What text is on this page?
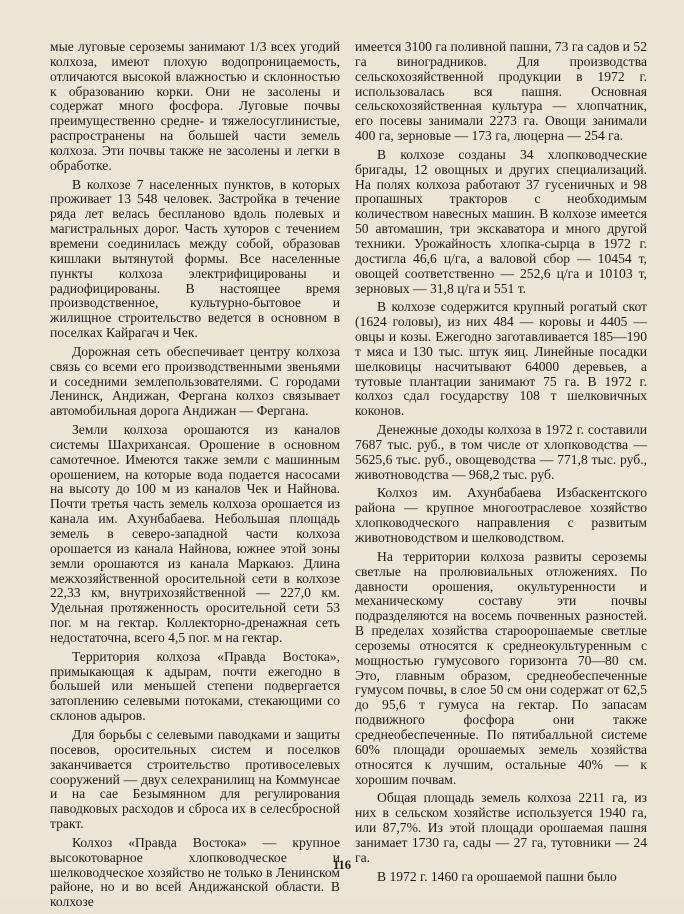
мые луговые сероземы занимают 1/3 всех угодий колхоза, имеют плохую водопроницаемость, отличаются высокой влажностью и склонностью к образованию корки. Они не засолены и содержат много фосфора. Луговые почвы преимущественно средне- и тяжелосуглинистые, распространены на большей части земель колхоза. Эти почвы также не засолены и легки в обработке.

В колхозе 7 населенных пунктов, в которых проживает 13 548 человек. Застройка в течение ряда лет велась бесплановo вдоль полевых и магистральных дорог. Часть хуторов с течением времени соединилась между собой, образовав кишлаки вытянутой формы. Все населенные пункты колхоза электрифицированы и радиофицированы. В настоящее время производственное, культурно-бытовое и жилищное строительство ведется в основном в поселках Кайрагач и Чек.

Дорожная сеть обеспечивает центру колхоза связь со всеми его производственными звеньями и соседними землепользователями. С городами Ленинск, Андижан, Фергана колхоз связывает автомобильная дорога Андижан — Фергана.

Земли колхоза орошаются из каналов системы Шахрихансая. Орошение в основном самотечное. Имеются также земли с машинным орошением, на которые вода подается насосами на высоту до 100 м из каналов Чек и Найнова. Почти третья часть земель колхоза орошается из канала им. Ахунбабаева. Небольшая площадь земель в северо-западной части колхоза орошается из канала Найнова, южнее этой зоны земли орошаются из канала Маркаюз. Длина межхозяйственной оросительной сети в колхозе 22,33 км, внутрихозяйственной — 227,0 км. Удельная протяженность оросительной сети 53 пог. м на гектар. Коллекторно-дренажная сеть недостаточна, всего 4,5 пог. м на гектар.

Территория колхоза «Правда Востока», примыкающая к адырам, почти ежегодно в большей или меньшей степени подвергается затоплению селевыми потоками, стекающими со склонов адыров.

Для борьбы с селевыми паводками и защиты посевов, оросительных систем и поселков заканчивается строительство противоселевых сооружений — двух селехранилищ на Коммунсае и на сае Безымянном для регулирования паводковых расходов и сброса их в селесбросной тракт.

Колхоз «Правда Востока» — крупное высокотоварное хлопководческое и шелководческое хозяйство не только в Ленинском районе, но и во всей Андижанской области. В колхозе

имеется 3100 га поливной пашни, 73 га садов и 52 га виноградников. Для производства сельскохозяйственной продукции в 1972 г. использовалась вся пашня. Основная сельскохозяйственная культура — хлопчатник, его посевы занимали 2273 га. Овощи занимали 400 га, зерновые — 173 га, люцерна — 254 га.

В колхозе созданы 34 хлопководческие бригады, 12 овощных и других специализаций. На полях колхоза работают 37 гусеничных и 98 пропашных тракторов с необходимым количеством навесных машин. В колхозе имеется 50 автомашин, три экскаватора и много другой техники. Урожайность хлопка-сырца в 1972 г. достигла 46,6 ц/га, а валовой сбор — 10454 т, овощей соответственно — 252,6 ц/га и 10103 т, зерновых — 31,8 ц/га и 551 т.

В колхозе содержится крупный рогатый скот (1624 головы), из них 484 — коровы и 4405 — овцы и козы. Ежегодно заготавливается 185—190 т мяса и 130 тыс. штук яиц. Линейные посадки шелковицы насчитывают 64000 деревьев, а тутовые плантации занимают 75 га. В 1972 г. колхоз сдал государству 108 т шелковичных коконов.

Денежные доходы колхоза в 1972 г. составили 7687 тыс. руб., в том числе от хлопководства — 5625,6 тыс. руб., овощеводства — 771,8 тыс. руб., животноводства — 968,2 тыс. руб.

Колхоз им. Ахунбабаева Избаскентского района — крупное многоотраслевое хозяйство хлопководческого направления с развитым животноводством и шелководством.

На территории колхоза развиты сероземы светлые на пролювиальных отложениях. По давности орошения, окультуренности и механическому составу эти почвы подразделяются на восемь почвенных разностей. В пределах хозяйства староорошаемые светлые сероземы относятся к среднеокультуренным с мощностью гумусового горизонта 70—80 см. Это, главным образом, среднеобеспеченные гумусом почвы, в слое 50 см они содержат от 62,5 до 95,6 т гумуса на гектар. По запасам подвижного фосфора они также среднеобеспеченные. По пятибалльной системе 60% площади орошаемых земель хозяйства относятся к лучшим, остальные 40% — к хорошим почвам.

Общая площадь земель колхоза 2211 га, из них в сельском хозяйстве используется 1940 га, или 87,7%. Из этой площади орошаемая пашня занимает 1730 га, сады — 27 га, тутовники — 24 га.

В 1972 г. 1460 га орошаемой пашни было

116
